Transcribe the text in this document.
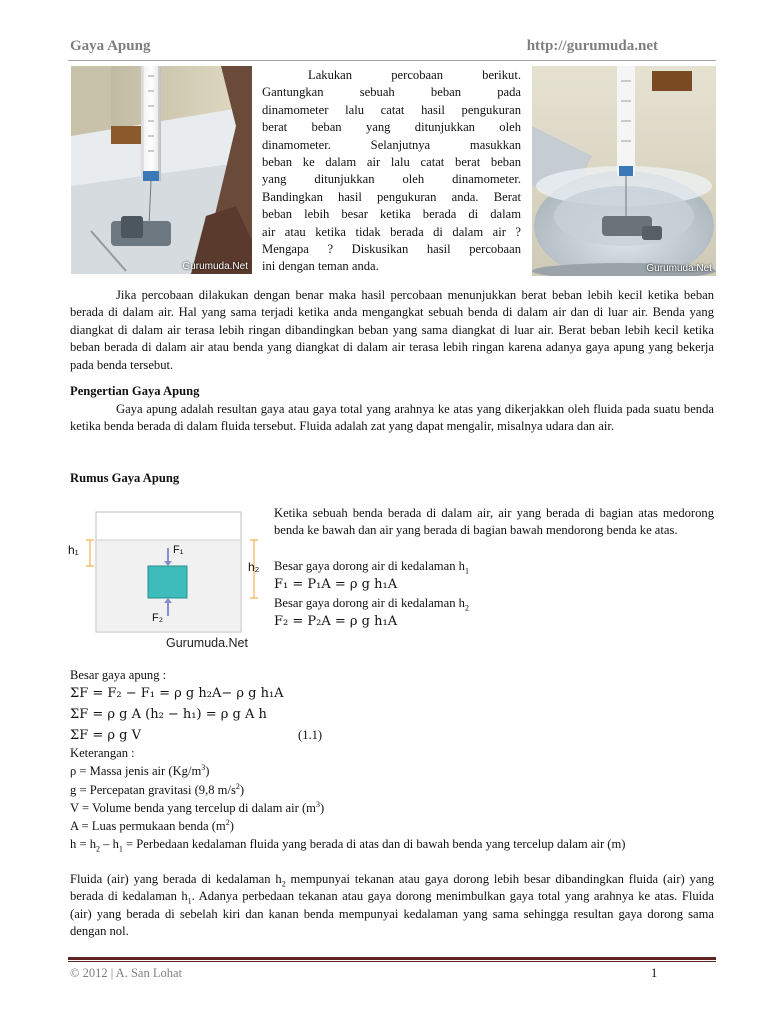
Gaya Apung	http://gurumuda.net
Gurumuda.Net
Lakukan percobaan berikut.
Gantungkan sebuah beban pada
dinamometer lalu catat hasil pengukuran
berat beban yang ditunjukkan oleh
dinamometer. Selanjutnya masukkan
beban ke dalam air lalu catat berat beban
yang ditunjukkan oleh dinamometer.
Bandingkan hasil pengukuran anda. Berat
beban lebih besar ketika berada di dalam
air atau ketika tidak berada di dalam air ?
Mengapa ? Diskusikan hasil percobaan
ini dengan teman anda.	Gurumuda.Net

Jika percobaan dilakukan dengan benar maka hasil percobaan menunjukkan berat beban lebih kecil ketika beban berada di dalam air. Hal yang sama terjadi ketika anda mengangkat sebuah benda di dalam air dan di luar air. Benda yang diangkat di dalam air terasa lebih ringan dibandingkan beban yang sama diangkat di luar air. Berat beban lebih kecil ketika beban berada di dalam air atau benda yang diangkat di dalam air terasa lebih ringan karena adanya gaya apung yang bekerja pada benda tersebut.

Pengertian Gaya Apung

Gaya apung adalah resultan gaya atau gaya total yang arahnya ke atas yang dikerjakkan oleh fluida pada suatu benda ketika benda berada di dalam fluida tersebut. Fluida adalah zat yang dapat mengalir, misalnya udara dan air.

Rumus Gaya Apung
h₁
h₂
F₁
F₂
Gurumuda.Net

Ketika sebuah benda berada di dalam air, air yang berada di bagian atas medorong benda ke bawah dan air yang berada di bagian bawah mendorong benda ke atas.

Besar gaya dorong air di kedalaman $h_1$
F₁ = P₁A = ρ g h₁A
Besar gaya dorong air di kedalaman $h_2$
F₂ = P₂A = ρ g h₁A
Besar gaya apung :
ΣF = F₂ − F₁ = ρ g h₂A− ρ g h₁A
ΣF = ρ g A (h₂ − h₁) = ρ g A h
ΣF = ρ g V	(1.1)
Keterangan :
ρ = Massa jenis air $(Kg/m^3)$
g = Percepatan gravitasi (9,8 $m/s^2$)
V = Volume benda yang tercelup di dalam air $(m^3)$
A = Luas permukaan benda $(m^2)$

$h = h_2 - h_1$ = Perbedaan kedalaman fluida yang berada di atas dan di bawah benda yang tercelup dalam air (m)

Fluida (air) yang berada di kedalaman $h_2$ mempunyai tekanan atau gaya dorong lebih besar dibandingkan fluida (air) yang berada di kedalaman $h_1$. Adanya perbedaan tekanan atau gaya dorong menimbulkan gaya total yang arahnya ke atas. Fluida (air) yang berada di sebelah kiri dan kanan benda mempunyai kedalaman yang sama sehingga resultan gaya dorong sama dengan nol.

© 2012 | A. San Lohat	1
